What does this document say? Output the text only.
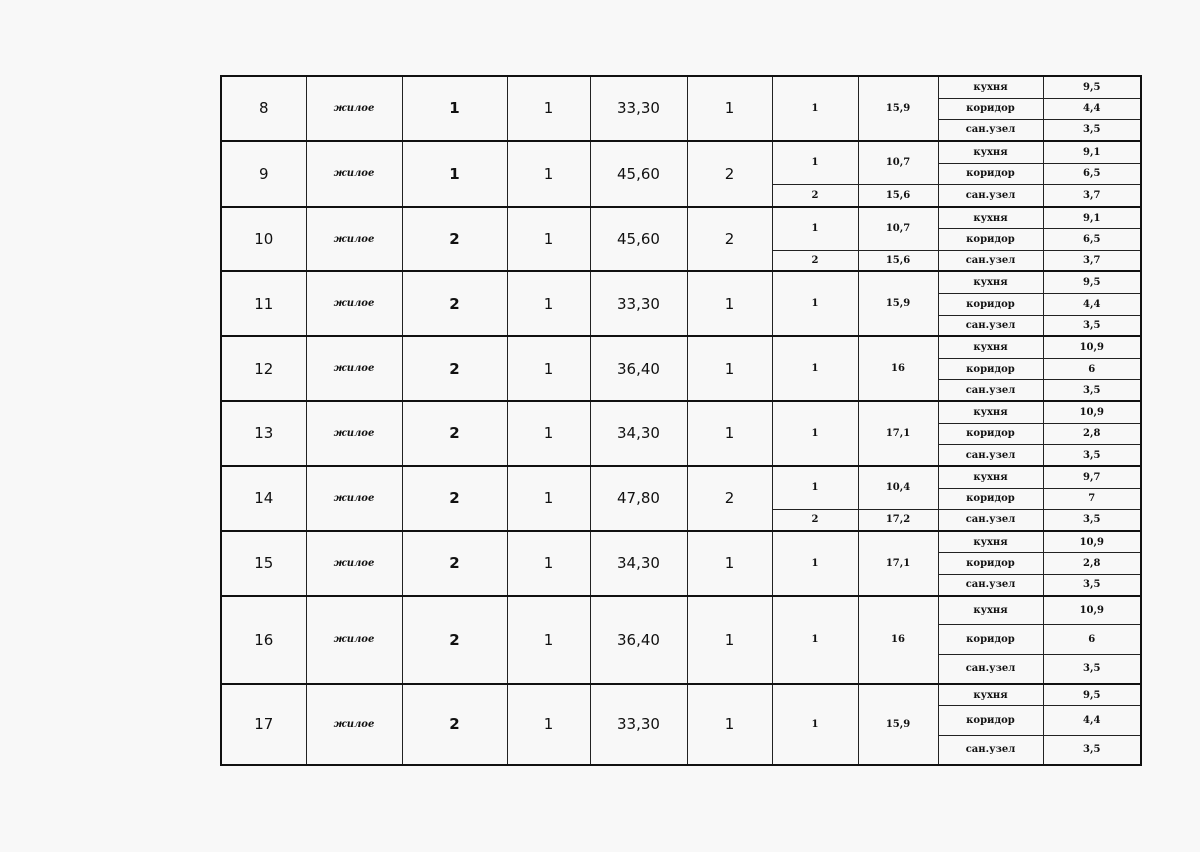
8	жилое	1	1	33,30	1	1	15,9	кухня	9,5
								коридор	4,4
								сан.узел	3,5
9	жилое	1	1	45,60	2	1	10,7	кухня	9,1
								коридор	6,5
						2	15,6	сан.узел	3,7
10	жилое	2	1	45,60	2	1	10,7	кухня	9,1
								коридор	6,5
						2	15,6	сан.узел	3,7
11	жилое	2	1	33,30	1	1	15,9	кухня	9,5
								коридор	4,4
								сан.узел	3,5
12	жилое	2	1	36,40	1	1	16	кухня	10,9
								коридор	6
								сан.узел	3,5
13	жилое	2	1	34,30	1	1	17,1	кухня	10,9
								коридор	2,8
								сан.узел	3,5
14	жилое	2	1	47,80	2	1	10,4	кухня	9,7
								коридор	7
						2	17,2	сан.узел	3,5
15	жилое	2	1	34,30	1	1	17,1	кухня	10,9
								коридор	2,8
								сан.узел	3,5
16	жилое	2	1	36,40	1	1	16	кухня	10,9
								коридор	6
								сан.узел	3,5
17	жилое	2	1	33,30	1	1	15,9	кухня	9,5
								коридор	4,4
								сан.узел	3,5
